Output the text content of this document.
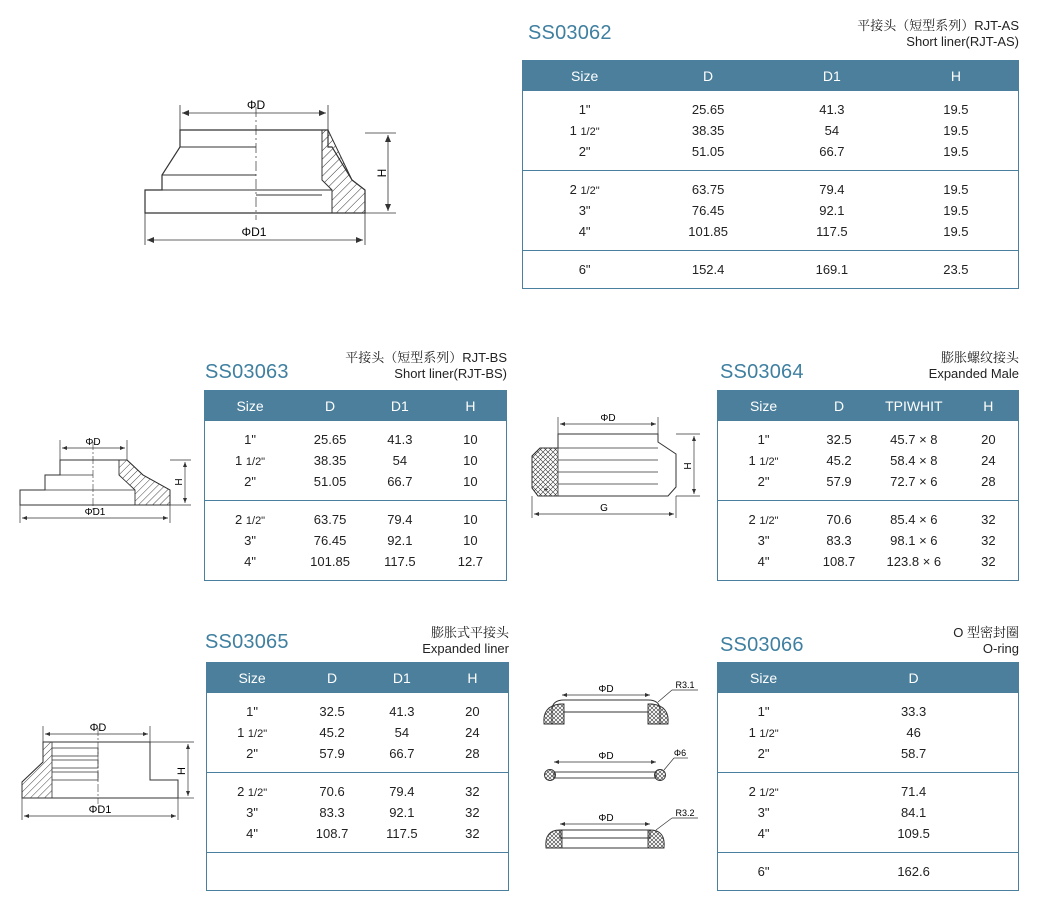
SS03062	平接头（短型系列）RJT-AS
Short liner(RJT-AS)
Size	D	D1	H
1"	25.65	41.3	19.5
1 1/2"	38.35	54	19.5
2"	51.05	66.7	19.5
2 1/2"	63.75	79.4	19.5
3"	76.45	92.1	19.5
4"	101.85	117.5	19.5
6"	152.4	169.1	23.5
ΦD
H
ΦD1
SS03063
平接头（短型系列）RJT-BS
Short liner(RJT-BS)
Size	D	D1	H
1"	25.65	41.3	10
1 1/2"	38.35	54	10
2"	51.05	66.7	10
2 1/2"	63.75	79.4	10
3"	76.45	92.1	10
4"	101.85	117.5	12.7
ΦD
H
ΦD1
SS03064
膨胀螺纹接头
Expanded Male
Size	D	TPIWHIT	H
1"	32.5	45.7 × 8	20
1 1/2"	45.2	58.4 × 8	24
2"	57.9	72.7 × 6	28
2 1/2"	70.6	85.4 × 6	32
3"	83.3	98.1 × 6	32
4"	108.7	123.8 × 6	32
ΦD
+
H
G
SS03065	膨胀式平接头
Expanded liner
Size	D	D1	H
1"	32.5	41.3	20
1 1/2"	45.2	54	24
2"	57.9	66.7	28
2 1/2"	70.6	79.4	32
3"	83.3	92.1	32
4"	108.7	117.5	32

ΦD
H
ΦD1
SS03066
O 型密封圈
O-ring
Size	D
1"	33.3
1 1/2"	46
2"	58.7
2 1/2"	71.4
3"	84.1
4"	109.5
6"	162.6
ΦD	R3.1
ΦD	Φ6
ΦD	R3.2
